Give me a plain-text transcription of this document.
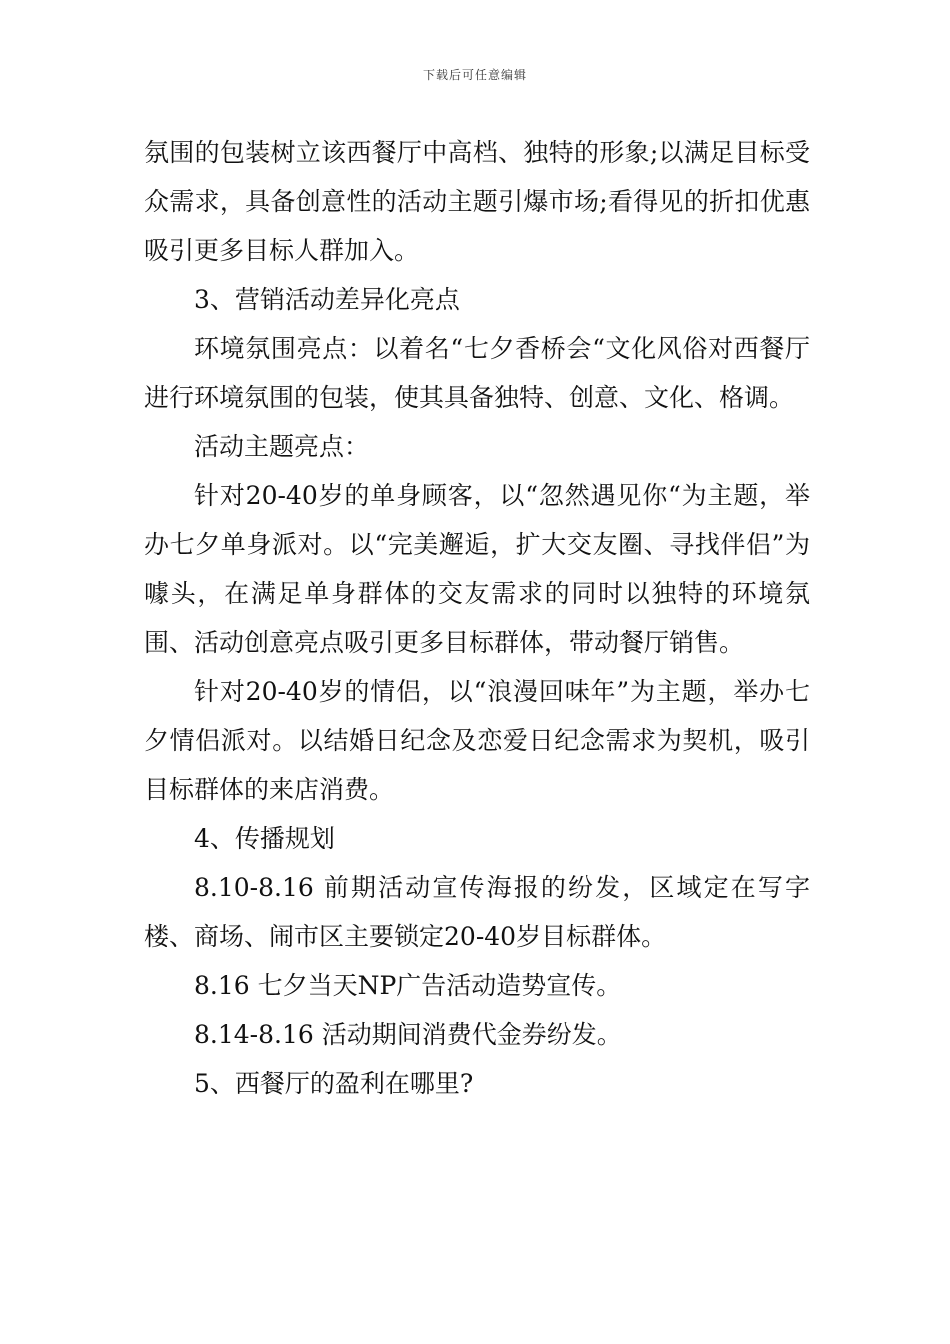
下载后可任意编辑

氛围的包装树立该西餐厅中高档、独特的形象;以满足目标受众需求，具备创意性的活动主题引爆市场;看得见的折扣优惠吸引更多目标人群加入。

3、营销活动差异化亮点

环境氛围亮点：以着名“七夕香桥会“文化风俗对西餐厅进行环境氛围的包装，使其具备独特、创意、文化、格调。

活动主题亮点：

针对20-40岁的单身顾客，以“忽然遇见你“为主题，举办七夕单身派对。以“完美邂逅，扩大交友圈、寻找伴侣”为噱头，在满足单身群体的交友需求的同时以独特的环境氛围、活动创意亮点吸引更多目标群体，带动餐厅销售。

针对20-40岁的情侣，以“浪漫回味年”为主题，举办七夕情侣派对。以结婚日纪念及恋爱日纪念需求为契机，吸引目标群体的来店消费。

4、传播规划

8.10-8.16 前期活动宣传海报的纷发，区域定在写字楼、商场、闹市区主要锁定20-40岁目标群体。

8.16 七夕当天NP广告活动造势宣传。

8.14-8.16 活动期间消费代金券纷发。

5、西餐厅的盈利在哪里?
